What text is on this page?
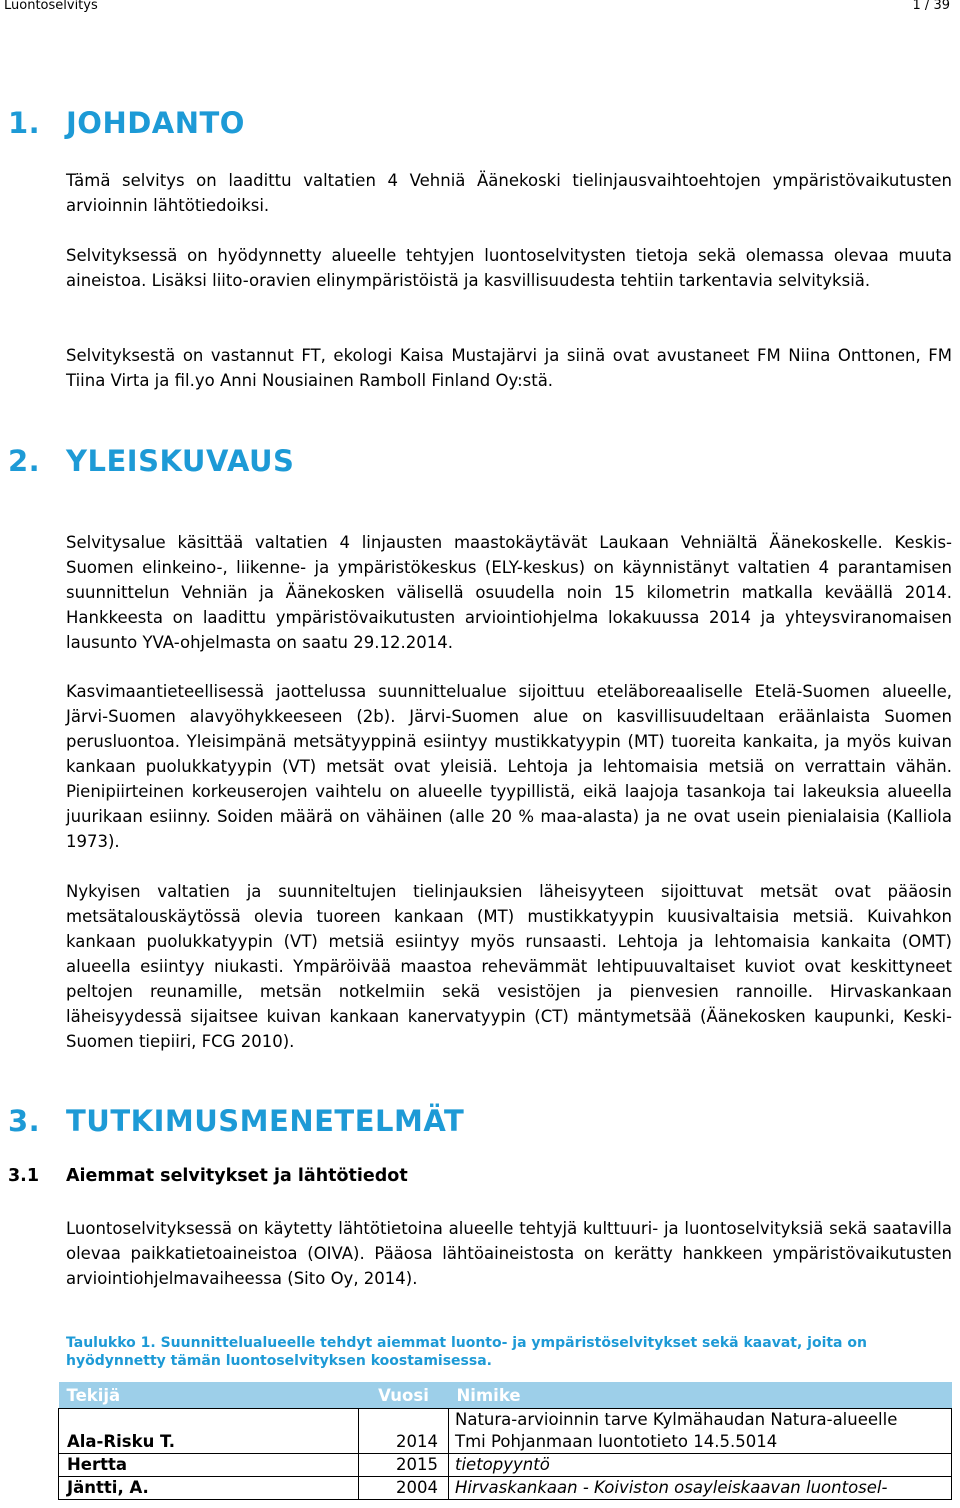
Luontoselvitys	1 / 39
1. JOHDANTO

Tämä selvitys on laadittu valtatien 4 Vehniä Äänekoski tielinjausvaihtoehtojen ympäristövaikutusten arvioinnin lähtötiedoiksi.

Selvityksessä on hyödynnetty alueelle tehtyjen luontoselvitysten tietoja sekä olemassa olevaa muuta aineistoa. Lisäksi liito-oravien elinympäristöistä ja kasvillisuudesta tehtiin tarkentavia selvityksiä.

Selvityksestä on vastannut FT, ekologi Kaisa Mustajärvi ja siinä ovat avustaneet FM Niina Onttonen, FM Tiina Virta ja fil.yo Anni Nousiainen Ramboll Finland Oy:stä.

2. YLEISKUVAUS

Selvitysalue käsittää valtatien 4 linjausten maastokäytävät Laukaan Vehniältä Äänekoskelle. Keskis-Suomen elinkeino-, liikenne- ja ympäristökeskus (ELY-keskus) on käynnistänyt valtatien 4 parantamisen suunnittelun Vehniän ja Äänekosken välisellä osuudella noin 15 kilometrin matkalla keväällä 2014. Hankkeesta on laadittu ympäristövaikutusten arviointiohjelma lokakuussa 2014 ja yhteysviranomaisen lausunto YVA-ohjelmasta on saatu 29.12.2014.

Kasvimaantieteellisessä jaottelussa suunnittelualue sijoittuu eteläboreaaliselle Etelä-Suomen alueelle, Järvi-Suomen alavyöhykkeeseen (2b). Järvi-Suomen alue on kasvillisuudeltaan eräänlaista Suomen perusluontoa. Yleisimpänä metsätyyppinä esiintyy mustikkatyypin (MT) tuoreita kankaita, ja myös kuivan kankaan puolukkatyypin (VT) metsät ovat yleisiä. Lehtoja ja lehtomaisia metsiä on verrattain vähän. Pienipiirteinen korkeuserojen vaihtelu on alueelle tyypillistä, eikä laajoja tasankoja tai lakeuksia alueella juurikaan esiinny. Soiden määrä on vähäinen (alle 20 % maa-alasta) ja ne ovat usein pienialaisia (Kalliola 1973).

Nykyisen valtatien ja suunniteltujen tielinjauksien läheisyyteen sijoittuvat metsät ovat pääosin metsätalouskäytössä olevia tuoreen kankaan (MT) mustikkatyypin kuusivaltaisia metsiä. Kuivahkon kankaan puolukkatyypin (VT) metsiä esiintyy myös runsaasti. Lehtoja ja lehtomaisia kankaita (OMT) alueella esiintyy niukasti. Ympäröivää maastoa rehevämmät lehtipuuvaltaiset kuviot ovat keskittyneet peltojen reunamille, metsän notkelmiin sekä vesistöjen ja pienvesien rannoille. Hirvaskankaan läheisyydessä sijaitsee kuivan kankaan kanervatyypin (CT) mäntymetsää (Äänekosken kaupunki, Keski-Suomen tiepiiri, FCG 2010).

3. TUTKIMUSMENETELMÄT
3.1 Aiemmat selvitykset ja lähtötiedot

Luontoselvityksessä on käytetty lähtötietoina alueelle tehtyjä kulttuuri- ja luontoselvityksiä sekä saatavilla olevaa paikkatietoaineistoa (OIVA). Pääosa lähtöaineistosta on kerätty hankkeen ympäristövaikutusten arviointiohjelmavaiheessa (Sito Oy, 2014).

Taulukko 1. Suunnittelualueelle tehdyt aiemmat luonto- ja ympäristöselvitykset sekä kaavat, joita on hyödynnetty tämän luontoselvityksen koostamisessa.

Tekijä	Vuosi	Nimike
Ala-Risku T.	2014	Natura-arvioinnin tarve Kylmähaudan Natura-alueelle
Tmi Pohjanmaan luontotieto 14.5.5014

Hertta	2015	tietopyyntö
Jäntti, A.	2004	Hirvaskankaan - Koiviston osayleiskaavan luontosel-
